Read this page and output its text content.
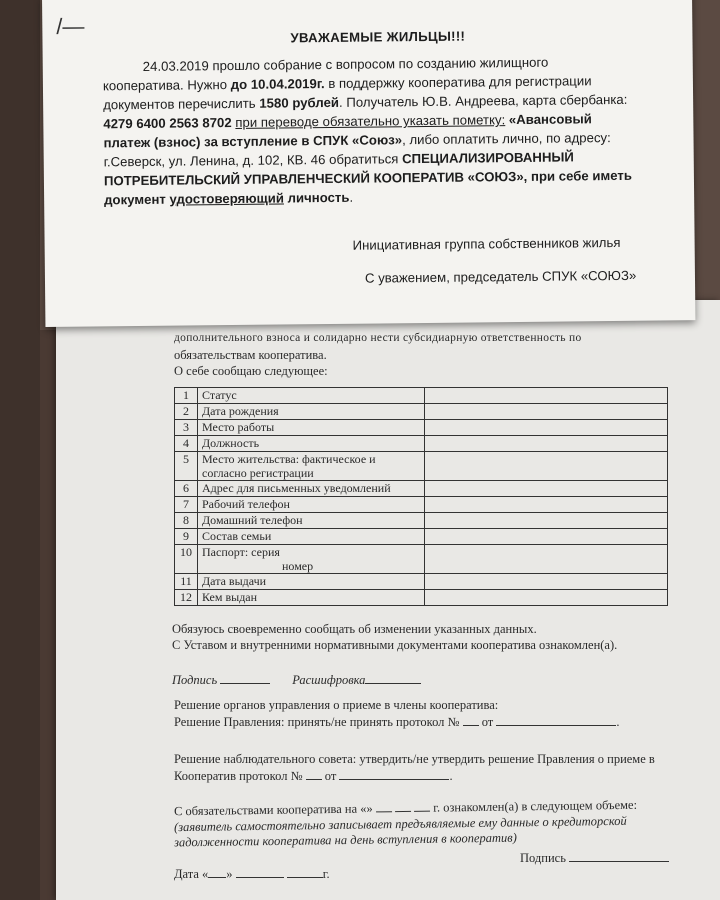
дополнительного взноса и солидарно нести субсидиарную ответственность по
обязательствам кооператива.
О себе сообщаю следующее:
1	Статус	

2	Дата рождения	

3	Место работы	

4	Должность	

5	Место жительства: фактическое и
согласно регистрации	

6	Адрес для письменных уведомлений	

7	Рабочий телефон	

8	Домашний телефон	

9	Состав семьи	

10	Паспорт: серия
номер	

11	Дата выдачи	

12	Кем выдан	

Обязуюсь своевременно сообщать об изменении указанных данных.
С Уставом и внутренними нормативными документами кооператива ознакомлен(а).
Подпись	Расшифровка
Решение органов управления о приеме в члены кооператива:
Решение Правления: принять/не принять протокол № от	.
Решение наблюдательного совета: утвердить/не утвердить решение Правления о приеме в
Кооператив протокол № от	.
С обязательствами кооператива на «»	г. ознакомлен(а) в следующем объеме:
(заявитель самостоятельно записывает предъявляемые ему данные о кредиторской
задолженности кооператива на день вступления в кооператив)
Подпись
Дата « »	г.
/—	УВАЖАЕМЫЕ ЖИЛЬЦЫ!!!
24.03.2019 прошло собрание с вопросом по созданию жилищного
кооператива. Нужно до 10.04.2019г. в поддержку кооператива для регистрации
документов перечислить 1580 рублей. Получатель Ю.В. Андреева, карта сбербанка:
4279 6400 2563 8702 при переводе обязательно указать пометку: «Авансовый
платеж (взнос) за вступление в СПУК «Союз», либо оплатить лично, по адресу:
г.Северск, ул. Ленина, д. 102, КВ. 46 обратиться СПЕЦИАЛИЗИРОВАННЫЙ
ПОТРЕБИТЕЛЬСКИЙ УПРАВЛЕНЧЕСКИЙ КООПЕРАТИВ «СОЮЗ», при себе иметь
документ удостоверяющий личность.
Инициативная группа собственников жилья
С уважением, председатель СПУК «СОЮЗ»
